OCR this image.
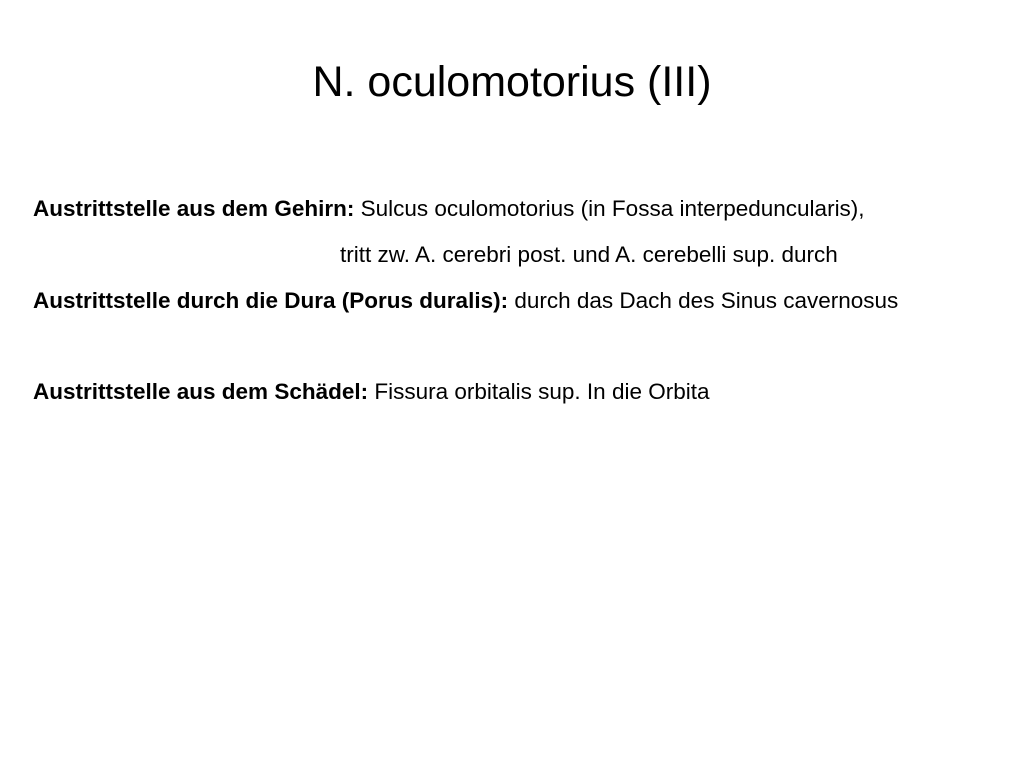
N. oculomotorius (III)
Austrittstelle aus dem Gehirn: Sulcus oculomotorius (in Fossa interpeduncularis),
tritt zw. A. cerebri post. und A. cerebelli sup. durch
Austrittstelle durch die Dura (Porus duralis): durch das Dach des Sinus cavernosus
Austrittstelle aus dem Schädel: Fissura orbitalis sup. In die Orbita
